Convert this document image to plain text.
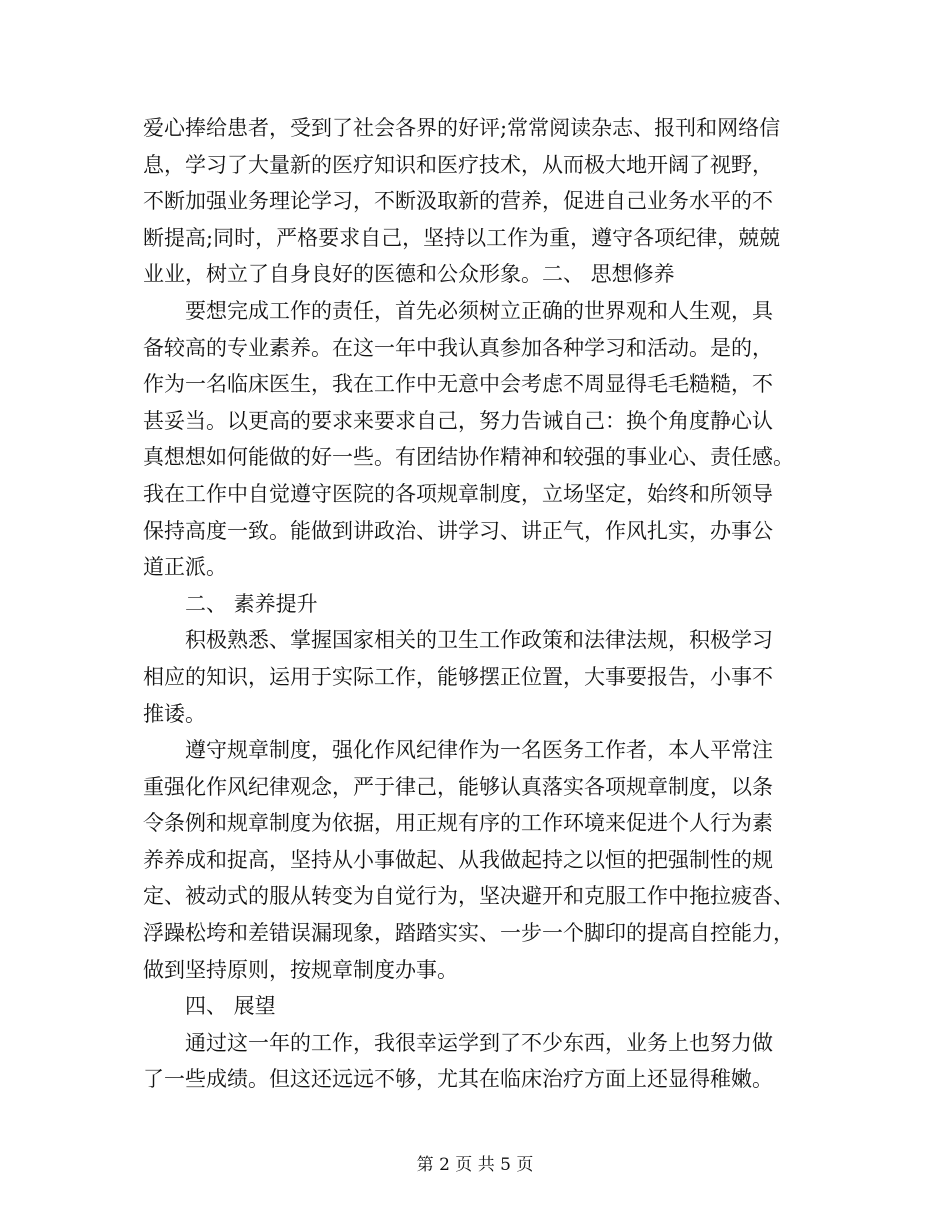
爱心捧给患者，受到了社会各界的好评;常常阅读杂志、报刊和网络信
息，学习了大量新的医疗知识和医疗技术，从而极大地开阔了视野，
不断加强业务理论学习，不断汲取新的营养，促进自己业务水平的不
断提高;同时，严格要求自己，坚持以工作为重，遵守各项纪律，兢兢
业业，树立了自身良好的医德和公众形象。二、 思想修养
　　要想完成工作的责任，首先必须树立正确的世界观和人生观，具
备较高的专业素养。在这一年中我认真参加各种学习和活动。是的，
作为一名临床医生，我在工作中无意中会考虑不周显得毛毛糙糙，不
甚妥当。以更高的要求来要求自己，努力告诫自己：换个角度静心认
真想想如何能做的好一些。有团结协作精神和较强的事业心、责任感。
我在工作中自觉遵守医院的各项规章制度，立场坚定，始终和所领导
保持高度一致。能做到讲政治、讲学习、讲正气，作风扎实，办事公
道正派。
　　二、 素养提升
　　积极熟悉、掌握国家相关的卫生工作政策和法律法规，积极学习
相应的知识，运用于实际工作，能够摆正位置，大事要报告，小事不
推诿。
　　遵守规章制度，强化作风纪律作为一名医务工作者，本人平常注
重强化作风纪律观念，严于律己，能够认真落实各项规章制度，以条
令条例和规章制度为依据，用正规有序的工作环境来促进个人行为素
养养成和捉高，坚持从小事做起、从我做起持之以恒的把强制性的规
定、被动式的服从转变为自觉行为，坚决避开和克服工作中拖拉疲沓、
浮躁松垮和差错误漏现象，踏踏实实、一步一个脚印的提高自控能力，
做到坚持原则，按规章制度办事。
　　四、 展望
　　通过这一年的工作，我很幸运学到了不少东西，业务上也努力做
了一些成绩。但这还远远不够，尤其在临床治疗方面上还显得稚嫩。
第 2 页 共 5 页
